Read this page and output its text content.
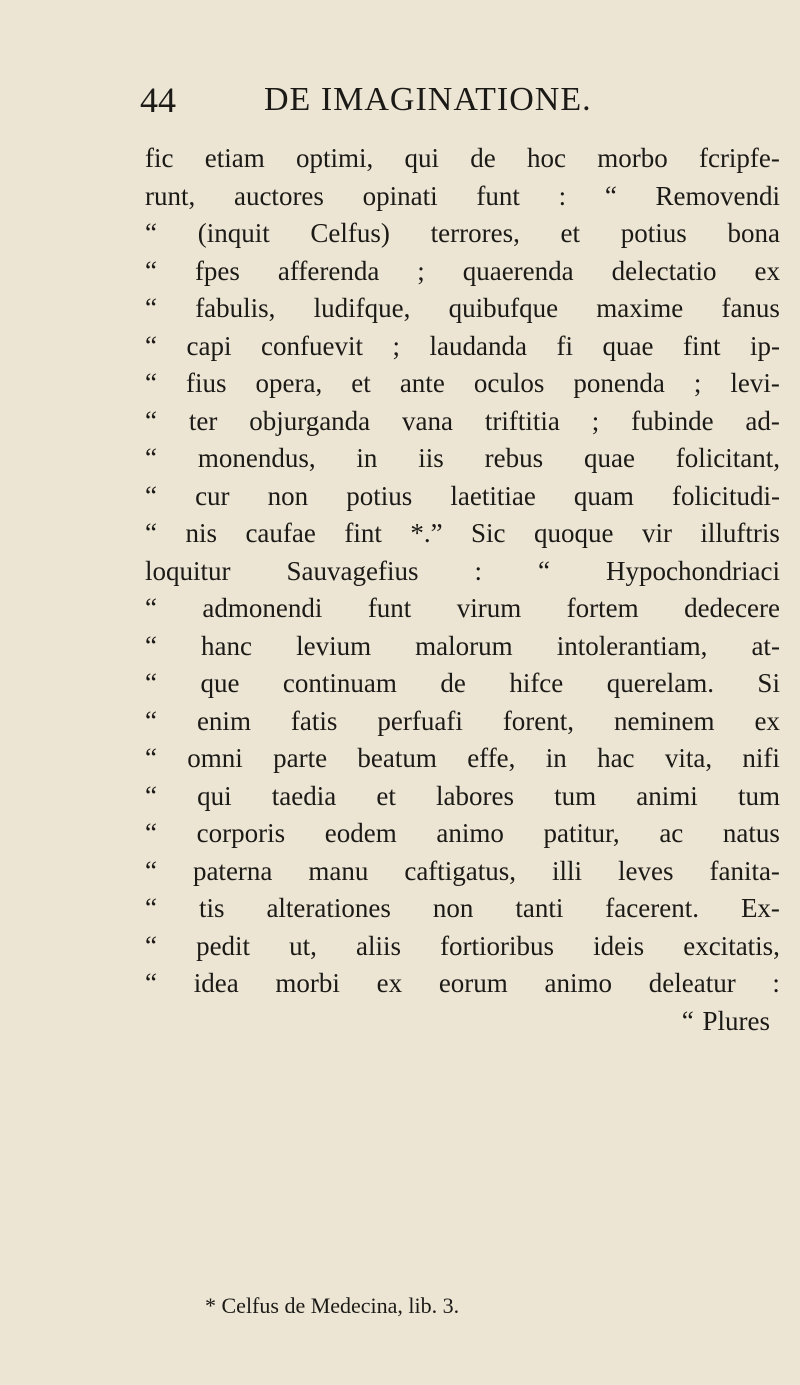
44	DE IMAGINATIONE.
fic etiam optimi, qui de hoc morbo fcripfe-
runt, auctores opinati funt : “ Removendi
“ (inquit Celfus) terrores, et potius bona
“ fpes afferenda ; quaerenda delectatio ex
“ fabulis, ludifque, quibufque maxime fanus
“ capi confuevit ; laudanda fi quae fint ip-
“ fius opera, et ante oculos ponenda ; levi-
“ ter objurganda vana triftitia ; fubinde ad-
“ monendus, in iis rebus quae folicitant,
“ cur non potius laetitiae quam folicitudi-
“ nis caufae fint *.” Sic quoque vir illuftris
loquitur Sauvagefius : “ Hypochondriaci
“ admonendi funt virum fortem dedecere
“ hanc levium malorum intolerantiam, at-
“ que continuam de hifce querelam. Si
“ enim fatis perfuafi forent, neminem ex
“ omni parte beatum effe, in hac vita, nifi
“ qui taedia et labores tum animi tum
“ corporis eodem animo patitur, ac natus
“ paterna manu caftigatus, illi leves fanita-
“ tis alterationes non tanti facerent. Ex-
“ pedit ut, aliis fortioribus ideis excitatis,
“ idea morbi ex eorum animo deleatur :
“ Plures
* Celfus de Medecina, lib. 3.
